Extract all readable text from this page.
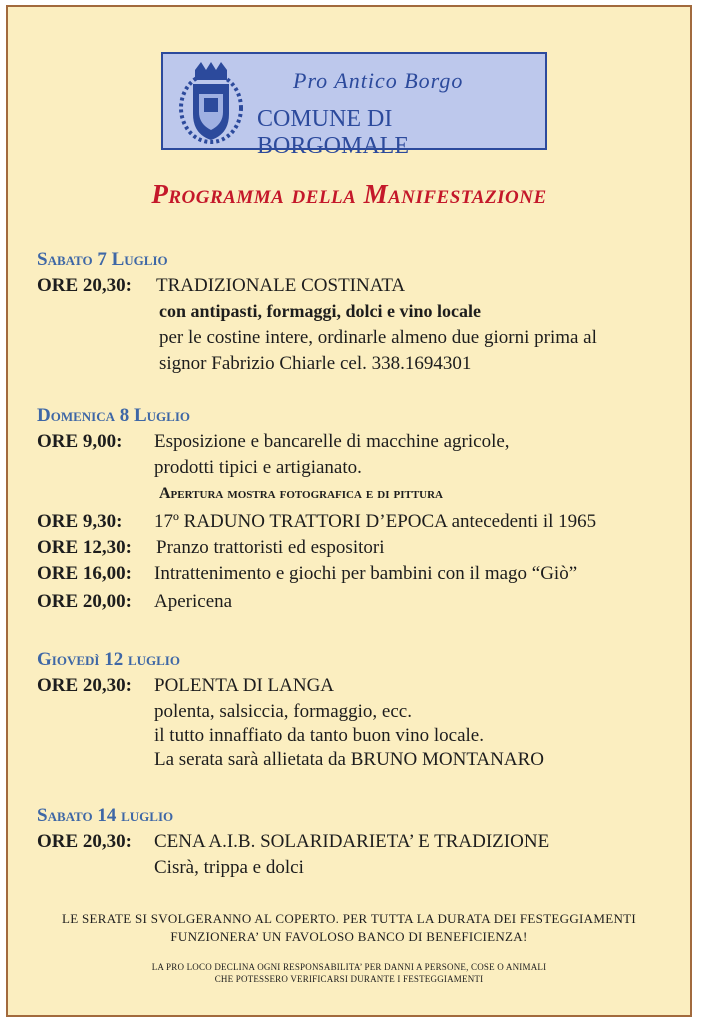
Pro Antico Borgo
COMUNE DI BORGOMALE
Programma della Manifestazione
Sabato 7 Luglio
ORE 20,30: TRADIZIONALE COSTINATA
con antipasti, formaggi, dolci e vino locale
per le costine intere, ordinarle almeno due giorni prima al
signor Fabrizio Chiarle cel. 338.1694301
Domenica 8 Luglio
ORE 9,00: Esposizione e bancarelle di macchine agricole,
prodotti tipici e artigianato.
Apertura mostra fotografica e di pittura
ORE 9,30: 17º RADUNO TRATTORI D’EPOCA antecedenti il 1965
ORE 12,30: Pranzo trattoristi ed espositori
ORE 16,00: Intrattenimento e giochi per bambini con il mago “Giò”
ORE 20,00: Apericena
Giovedì 12 luglio
ORE 20,30: POLENTA DI LANGA
polenta, salsiccia, formaggio, ecc.
il tutto innaffiato da tanto buon vino locale.
La serata sarà allietata da BRUNO MONTANARO
Sabato 14 luglio
ORE 20,30: CENA A.I.B. SOLARIDARIETA’ E TRADIZIONE
Cisrà, trippa e dolci
LE SERATE SI SVOLGERANNO AL COPERTO. PER TUTTA LA DURATA DEI FESTEGGIAMENTI
FUNZIONERA’ UN FAVOLOSO BANCO DI BENEFICIENZA!
LA PRO LOCO DECLINA OGNI RESPONSABILITA’ PER DANNI A PERSONE, COSE O ANIMALI
CHE POTESSERO VERIFICARSI DURANTE I FESTEGGIAMENTI
